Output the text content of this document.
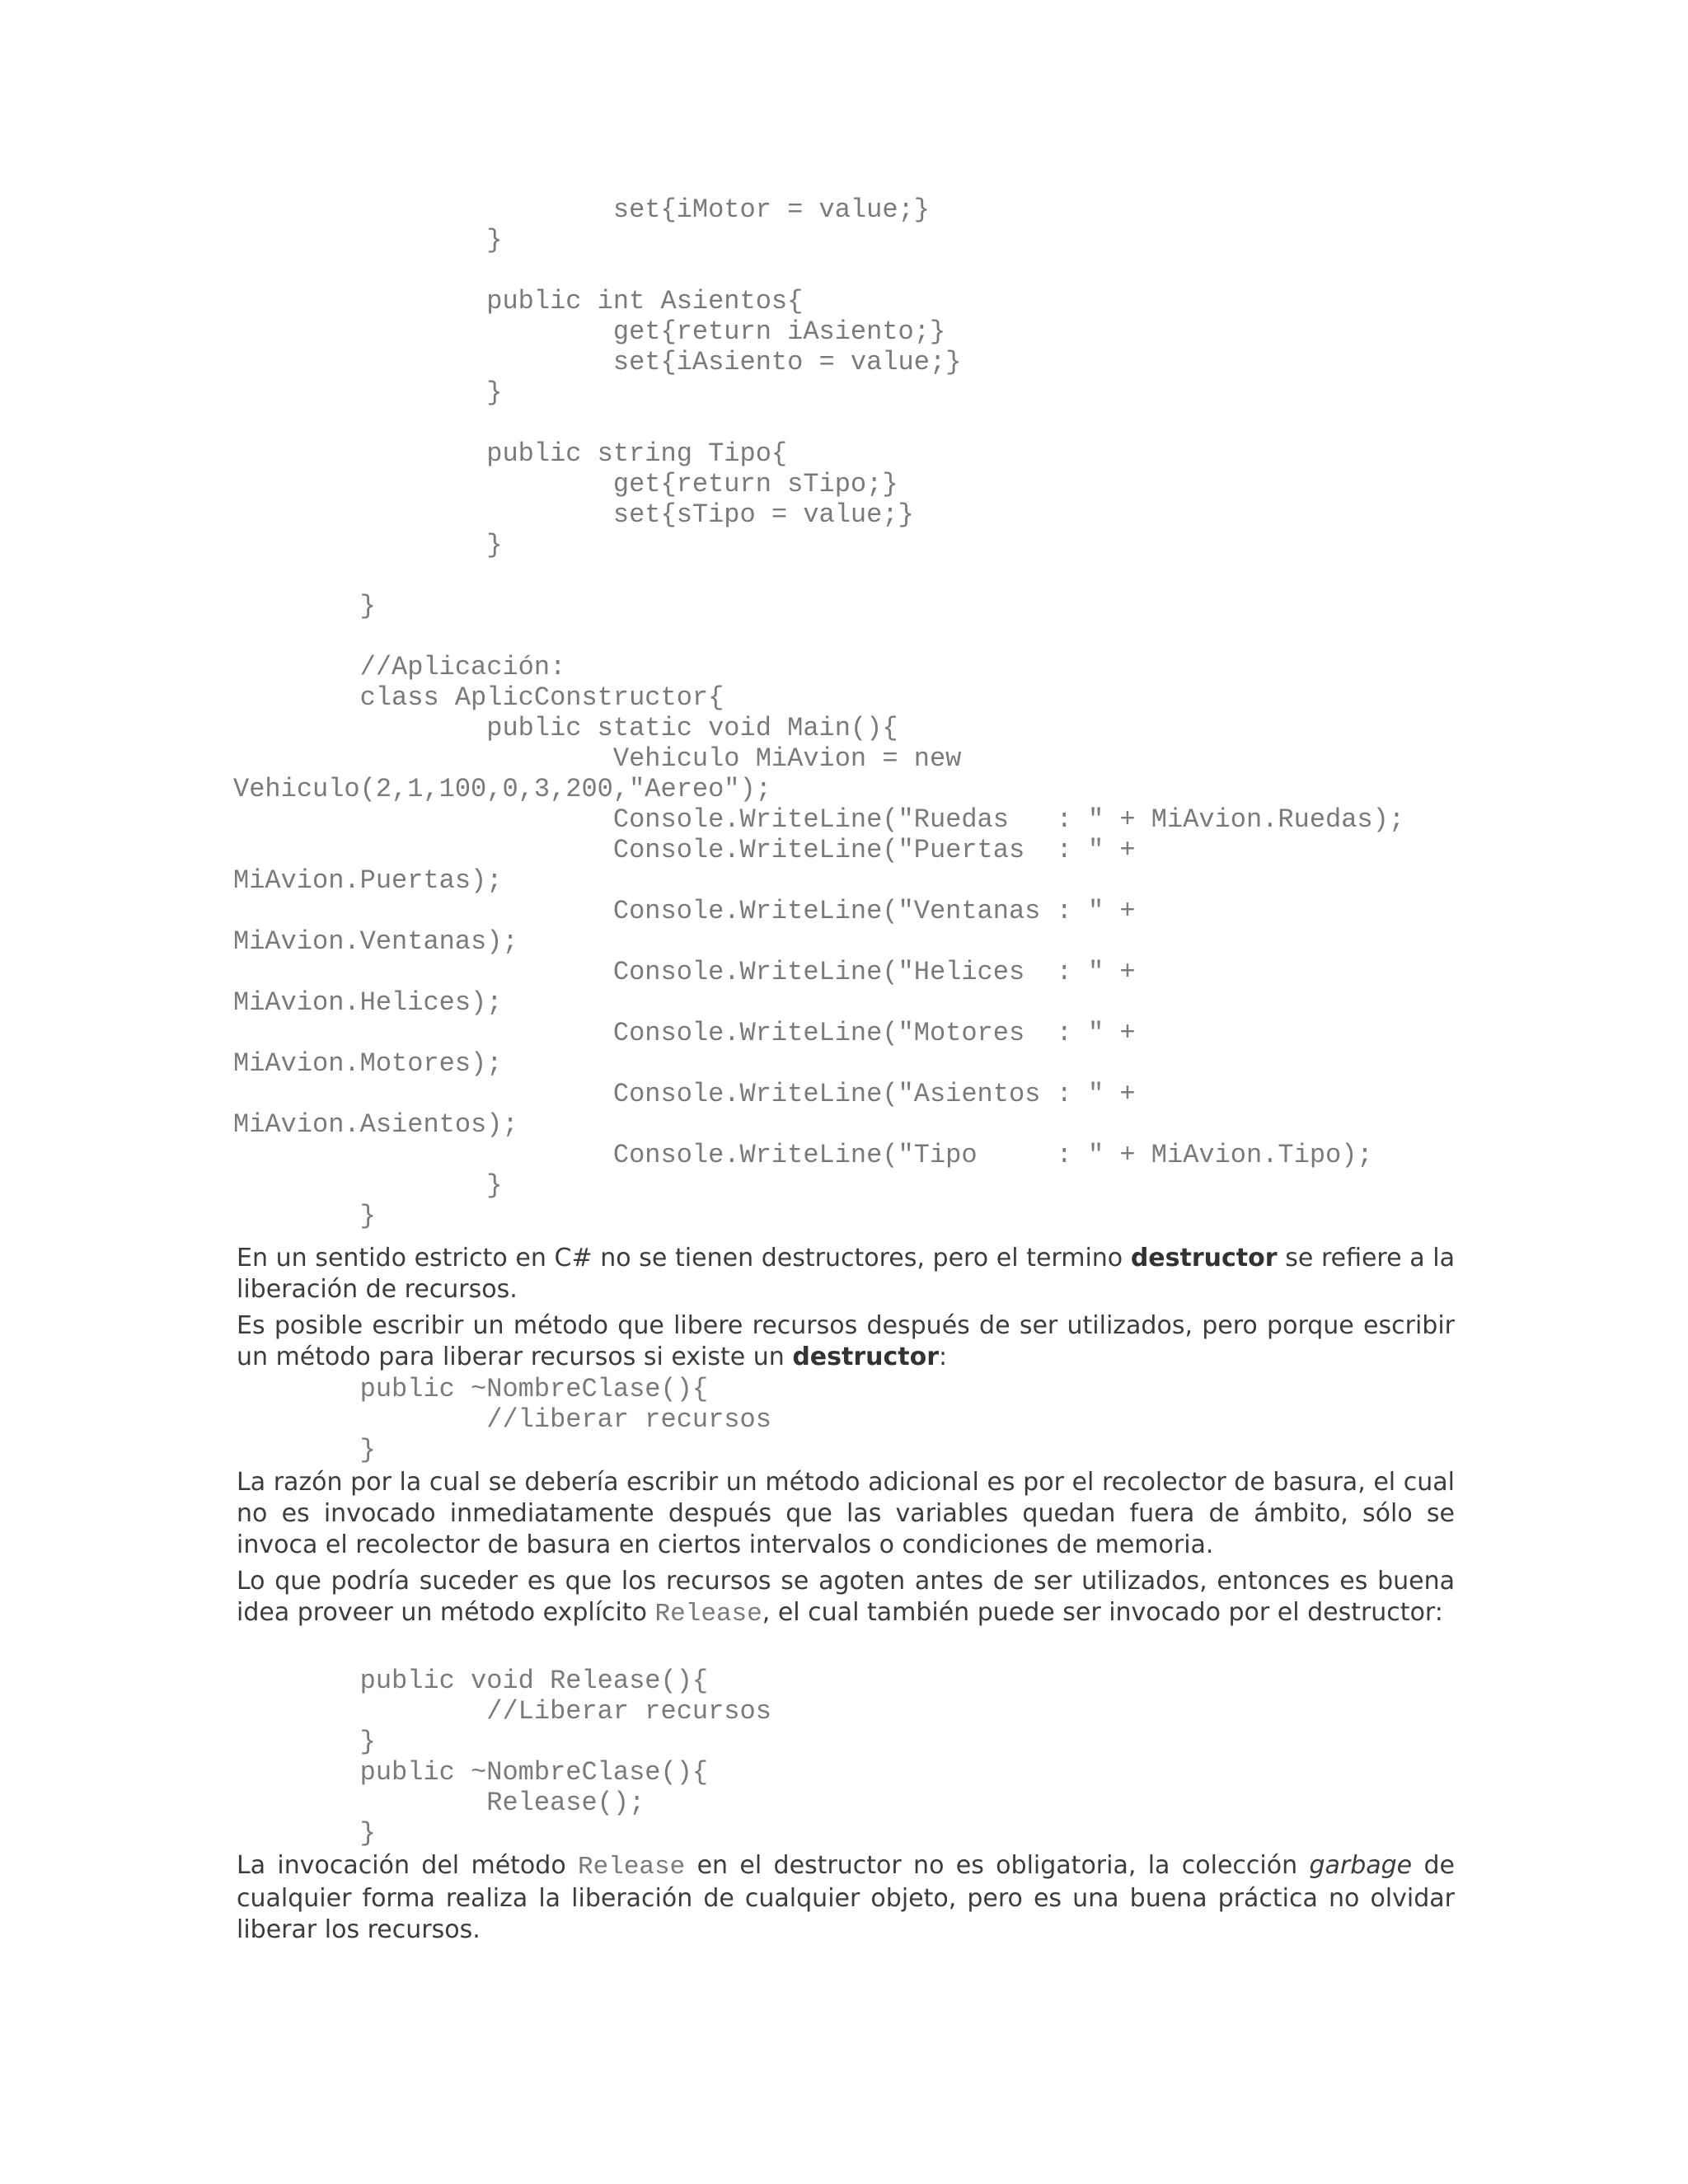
set{iMotor = value;}
}
public int Asientos{
get{return iAsiento;}
set{iAsiento = value;}
}
public string Tipo{
get{return sTipo;}
set{sTipo = value;}
}
}
//Aplicación:
class AplicConstructor{
public static void Main(){
Vehiculo MiAvion = new
Vehiculo(2,1,100,0,3,200,"Aereo");
Console.WriteLine("Ruedas   : " + MiAvion.Ruedas);
Console.WriteLine("Puertas  : " +
MiAvion.Puertas);
Console.WriteLine("Ventanas : " +
MiAvion.Ventanas);
Console.WriteLine("Helices  : " +
MiAvion.Helices);
Console.WriteLine("Motores  : " +
MiAvion.Motores);
Console.WriteLine("Asientos : " +
MiAvion.Asientos);
Console.WriteLine("Tipo     : " + MiAvion.Tipo);
}
}

En un sentido estricto en C# no se tienen destructores, pero el termino destructor se refiere a la liberación de recursos.

Es posible escribir un método que libere recursos después de ser utilizados, pero porque escribir un método para liberar recursos si existe un destructor:

public ~NombreClase(){
//liberar recursos
}

La razón por la cual se debería escribir un método adicional es por el recolector de basura, el cual no es invocado inmediatamente después que las variables quedan fuera de ámbito, sólo se invoca el recolector de basura en ciertos intervalos o condiciones de memoria.

Lo que podría suceder es que los recursos se agoten antes de ser utilizados, entonces es buena idea proveer un método explícito Release, el cual también puede ser invocado por el destructor:

public void Release(){
//Liberar recursos
}
public ~NombreClase(){
Release();
}

La invocación del método Release en el destructor no es obligatoria, la colección garbage de cualquier forma realiza la liberación de cualquier objeto, pero es una buena práctica no olvidar liberar los recursos.
